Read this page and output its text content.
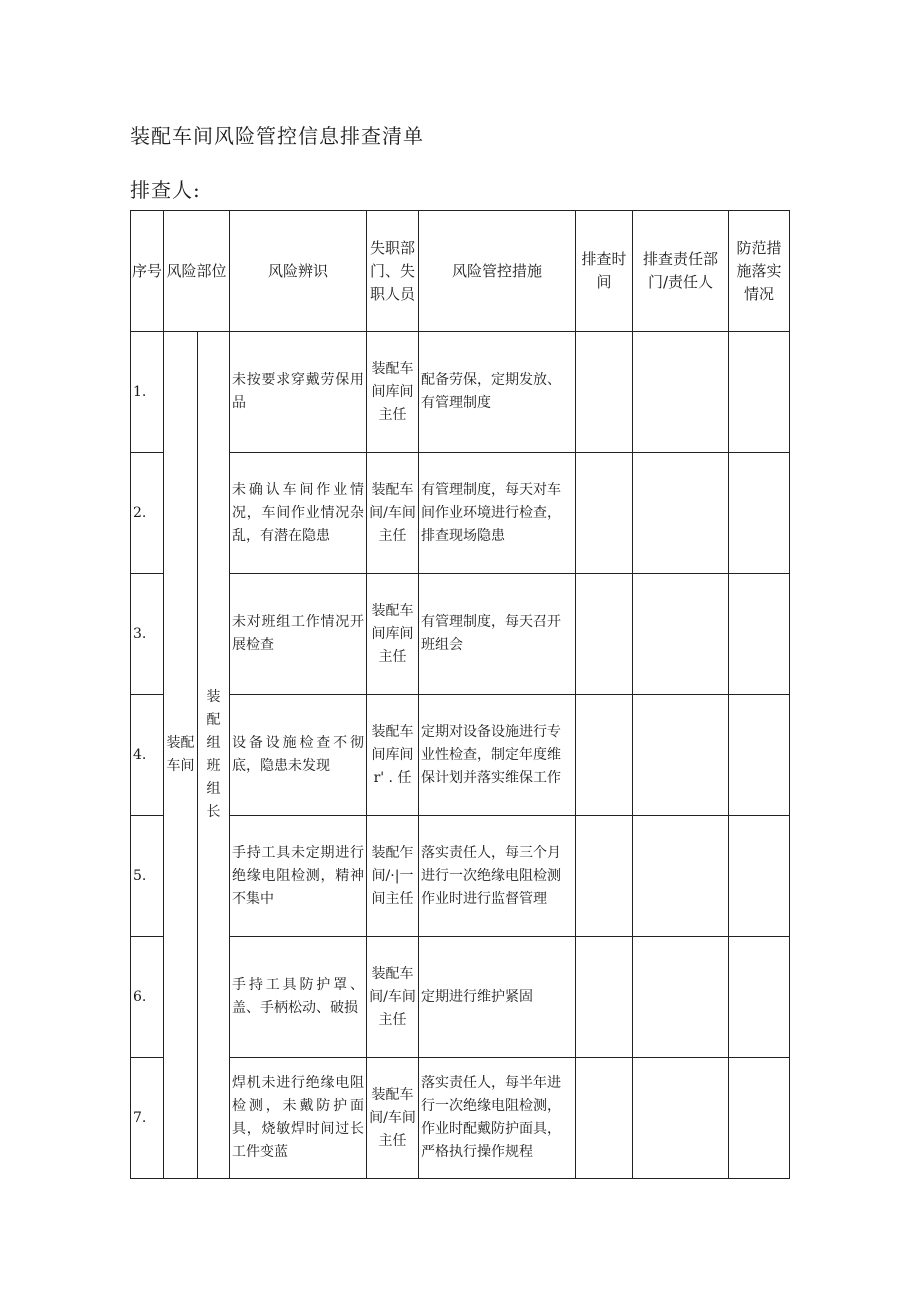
装配车间风险管控信息排查清单
排查人:
序号	风险部位		风险辨识	失职部门、失职人员	风险管控措施	排查时间	排查责任部门/责任人	防范措施落实情况
1.	装配车间	装配组班组长	未按要求穿戴劳保用品	装配车间库间主任	配备劳保，定期发放、有管理制度			
2.			未确认车间作业情况，车间作业情况杂乱，有潜在隐患	装配车间/车间主任	有管理制度，每天对车间作业环境进行检查，排查现场隐患			
3.			未对班组工作情况开展检查	装配车间库间主任	有管理制度，每天召开班组会			
4.			设备设施检查不彻底，隐患未发现	装配车间库间 r' . 任	定期对设备设施进行专业性检查，制定年度维保计划并落实维保工作			
5.			手持工具未定期进行绝缘电阻检测，精神不集中	装配乍间/·|一间主任	落实责任人，每三个月进行一次绝缘电阻检测作业时进行监督管理			
6.			手持工具防护罩、盖、手柄松动、破损	装配车间/车间主任	定期进行维护紧固			
7.			焊机未进行绝缘电阻检测，未戴防护面具，烧敏焊时间过长工件变蓝	装配车间/车间主任	落实责任人，每半年进行一次绝缘电阻检测，作业时配戴防护面具，严格执行操作规程			
